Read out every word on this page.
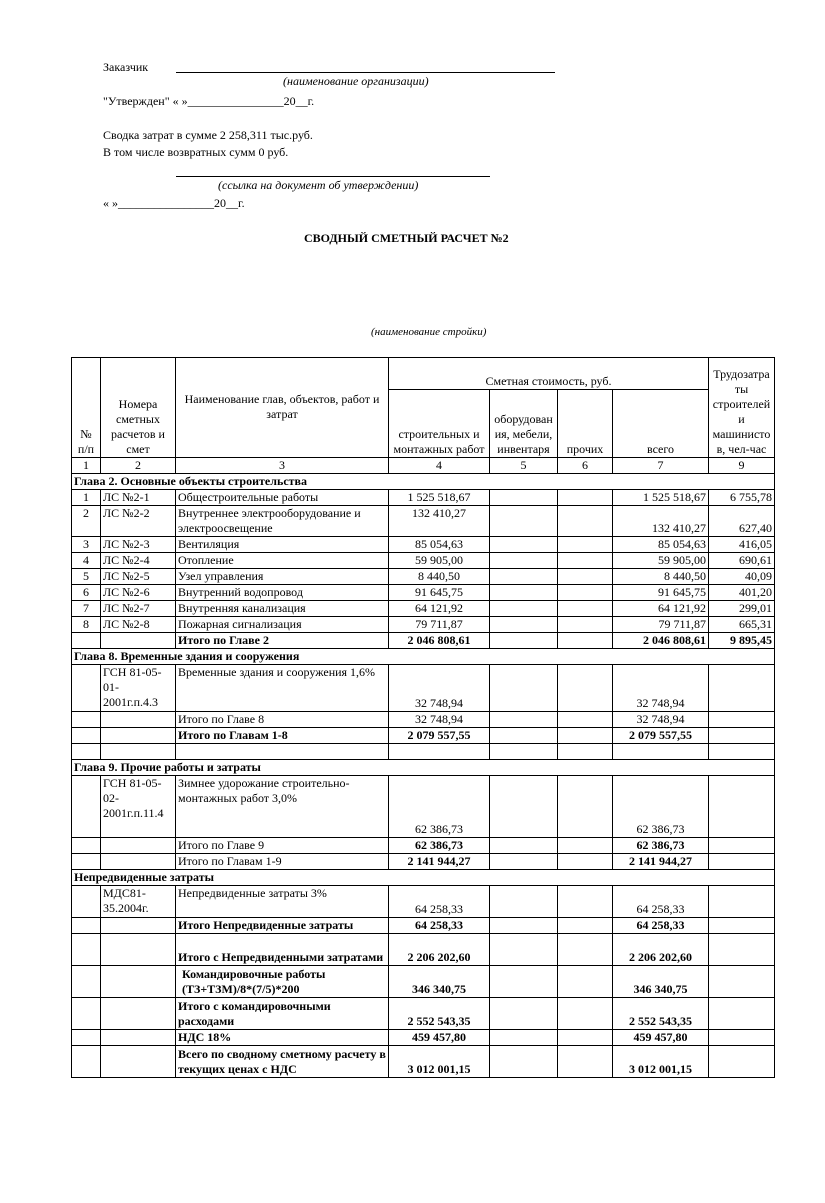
Заказчик
(наименование организации)
"Утвержден" « »________________20__г.
Сводка затрат в сумме 2 258,311 тыс.руб.
В том числе возвратных сумм 0 руб.
(ссылка на документ об утверждении)
« »________________20__г.
СВОДНЫЙ СМЕТНЫЙ РАСЧЕТ №2
(наименование стройки)
№ п/п	Номера сметных расчетов и смет	Наименование глав, объектов, работ и затрат	Сметная стоимость, руб.				Трудозатраты строителей и машинистов, чел-час
			строительных и монтажных работ	оборудования, мебели, инвентаря	прочих	всего	
1	2	3	4	5	6	7	9
Глава 2. Основные объекты строительства							
1	ЛС №2-1	Общестроительные работы	1 525 518,67			1 525 518,67	6 755,78
2	ЛС №2-2	Внутреннее электрооборудование и электроосвещение	132 410,27			132 410,27	627,40
3	ЛС №2-3	Вентиляция	85 054,63			85 054,63	416,05
4	ЛС №2-4	Отопление	59 905,00			59 905,00	690,61
5	ЛС №2-5	Узел управления	8 440,50			8 440,50	40,09
6	ЛС №2-6	Внутренний водопровод	91 645,75			91 645,75	401,20
7	ЛС №2-7	Внутренняя канализация	64 121,92			64 121,92	299,01
8	ЛС №2-8	Пожарная сигнализация	79 711,87			79 711,87	665,31
		Итого по Главе 2	2 046 808,61			2 046 808,61	9 895,45
Глава 8. Временные здания и сооружения							
	ГСН 81-05-01-2001г.п.4.3	Временные здания и сооружения 1,6%	32 748,94			32 748,94	
		Итого по Главе 8	32 748,94			32 748,94	
		Итого по Главам 1-8	2 079 557,55			2 079 557,55	

Глава 9. Прочие работы и затраты							
	ГСН 81-05-02-2001г.п.11.4	Зимнее удорожание строительно-монтажных работ 3,0%	62 386,73			62 386,73	
		Итого по Главе 9	62 386,73			62 386,73	
		Итого по Главам 1-9	2 141 944,27			2 141 944,27	
Непредвиденные затраты							
	МДС81-35.2004г.	Непредвиденные затраты 3%	64 258,33			64 258,33	
		Итого Непредвиденные затраты	64 258,33			64 258,33	
		Итого с Непредвиденными затратами	2 206 202,60			2 206 202,60	
		Командировочные работы (ТЗ+ТЗМ)/8*(7/5)*200	346 340,75			346 340,75	
		Итого с командировочными расходами	2 552 543,35			2 552 543,35	
		НДС 18%	459 457,80			459 457,80	
		Всего по сводному сметному расчету в текущих ценах с НДС	3 012 001,15			3 012 001,15	
